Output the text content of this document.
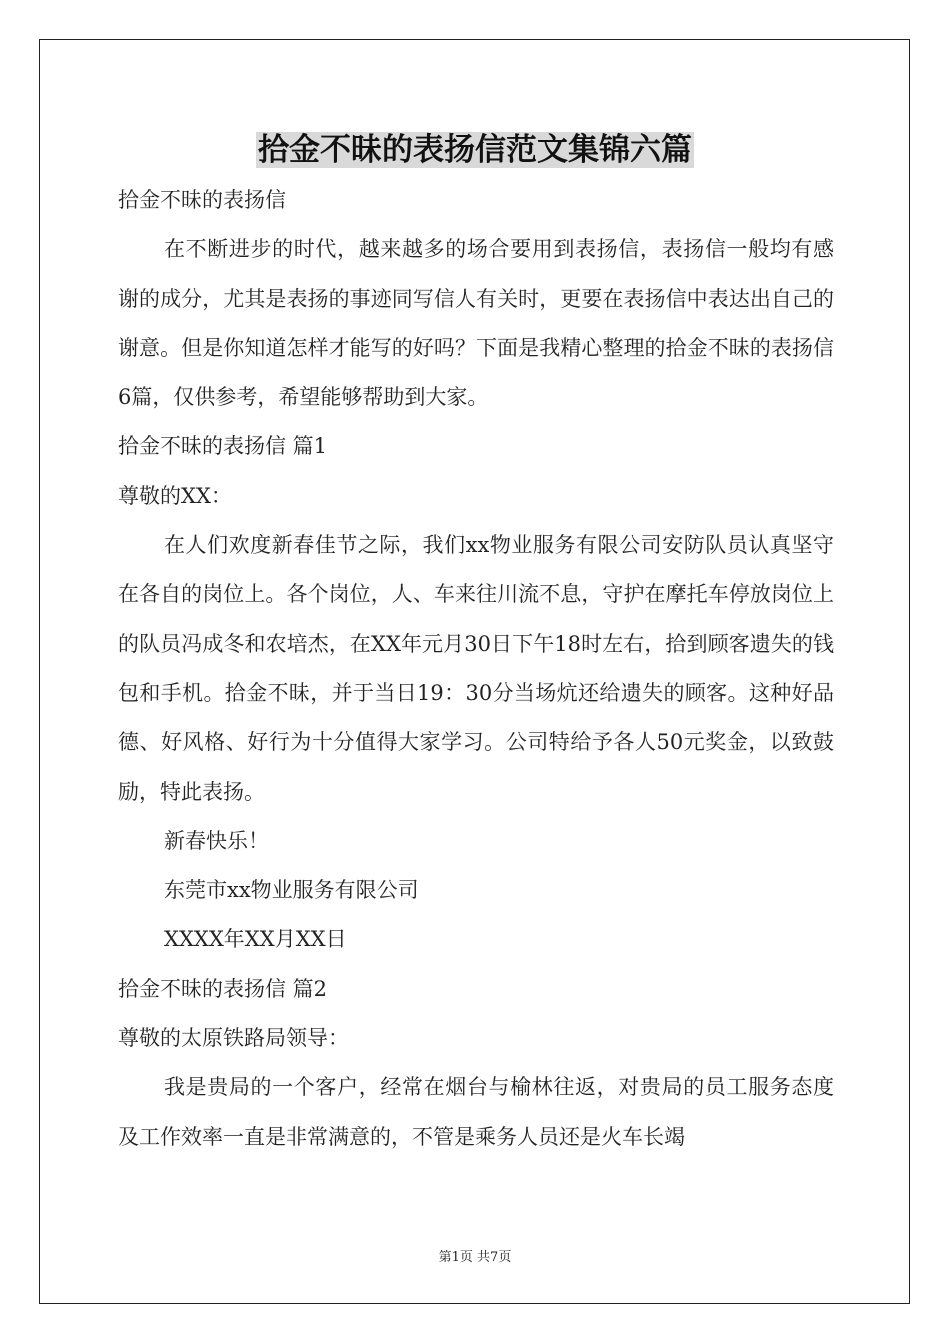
拾金不昧的表扬信范文集锦六篇

拾金不昧的表扬信

在不断进步的时代，越来越多的场合要用到表扬信，表扬信一般均有感谢的成分，尤其是表扬的事迹同写信人有关时，更要在表扬信中表达出自己的谢意。但是你知道怎样才能写的好吗？下面是我精心整理的拾金不昧的表扬信6篇，仅供参考，希望能够帮助到大家。

拾金不昧的表扬信 篇1

尊敬的XX：

在人们欢度新春佳节之际，我们xx物业服务有限公司安防队员认真坚守在各自的岗位上。各个岗位，人、车来往川流不息，守护在摩托车停放岗位上的队员冯成冬和农培杰，在XX年元月30日下午18时左右，拾到顾客遗失的钱包和手机。拾金不昧，并于当日19：30分当场炕还给遗失的顾客。这种好品德、好风格、好行为十分值得大家学习。公司特给予各人50元奖金，以致鼓励，特此表扬。

新春快乐！

东莞市xx物业服务有限公司

XXXX年XX月XX日

拾金不昧的表扬信 篇2

尊敬的太原铁路局领导：

我是贵局的一个客户，经常在烟台与榆林往返，对贵局的员工服务态度及工作效率一直是非常满意的，不管是乘务人员还是火车长竭

第1页 共7页
